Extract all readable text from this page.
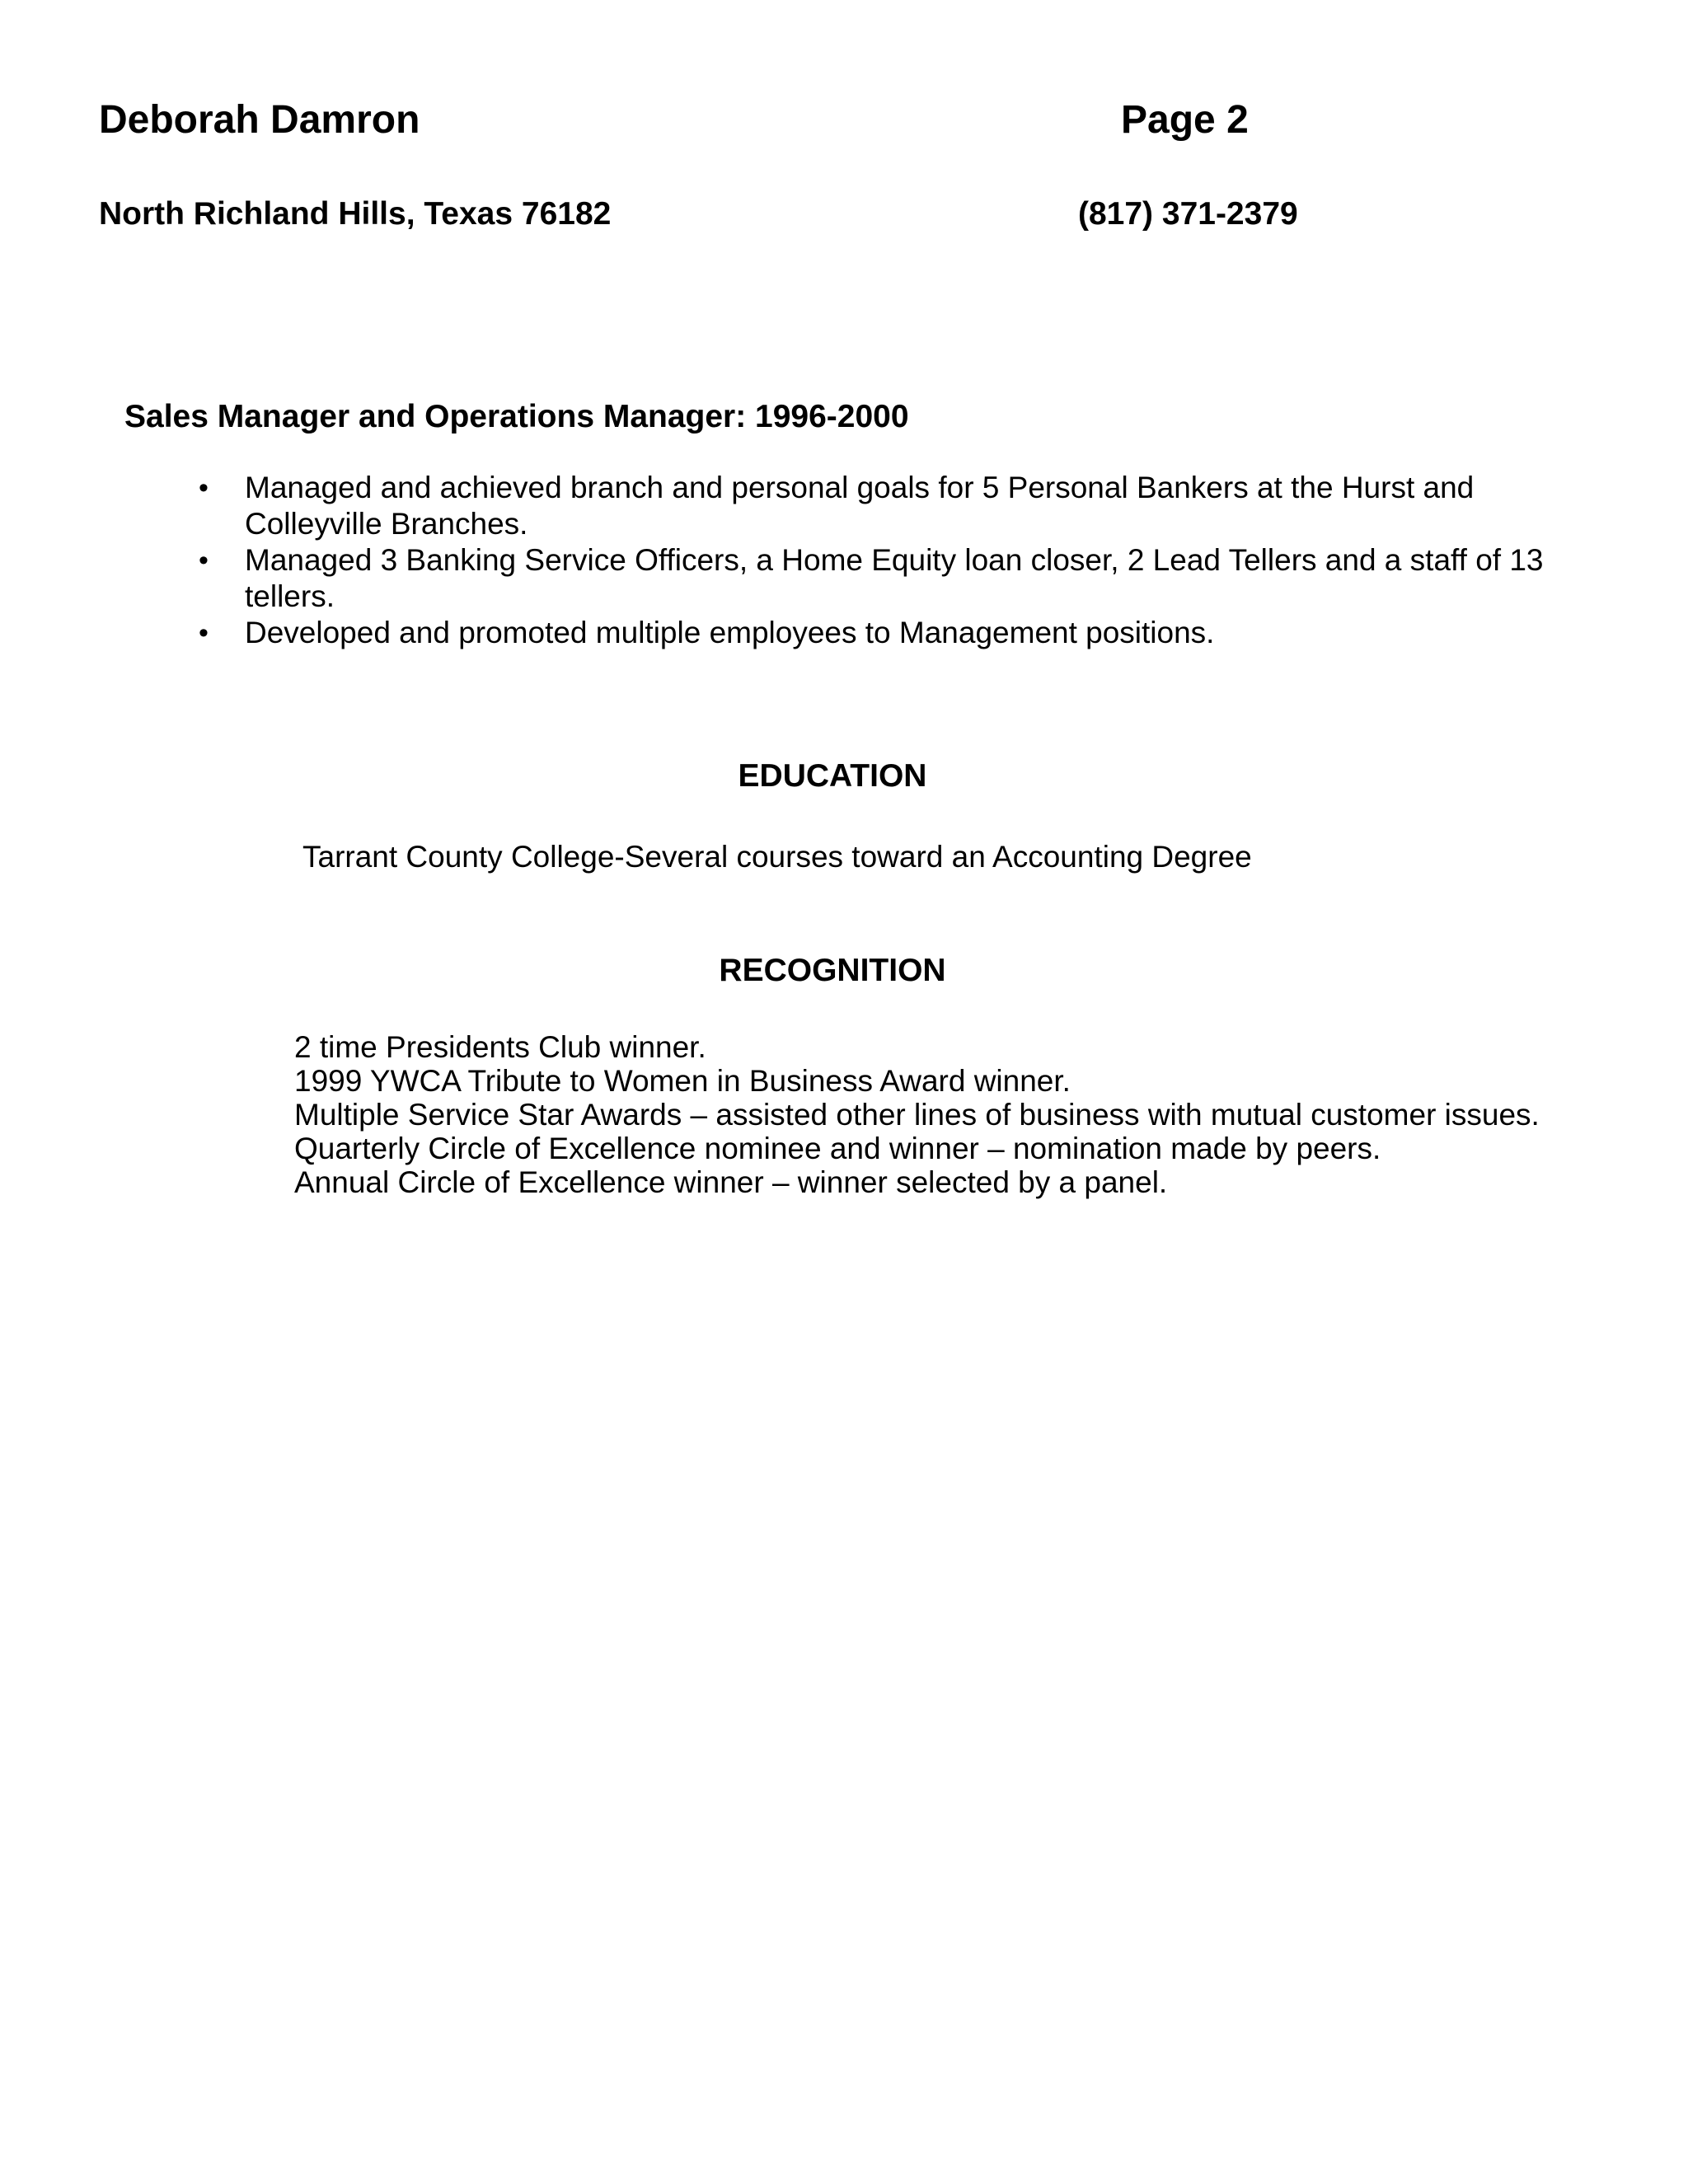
Deborah Damron	Page 2
North Richland Hills, Texas 76182	(817) 371-2379
Sales Manager and Operations Manager: 1996-2000
• Managed and achieved branch and personal goals for 5 Personal Bankers at the Hurst and Colleyville Branches.
• Managed 3 Banking Service Officers, a Home Equity loan closer, 2 Lead Tellers and a staff of 13 tellers.
• Developed and promoted multiple employees to Management positions.
EDUCATION
Tarrant County College-Several courses toward an Accounting Degree
RECOGNITION
2 time Presidents Club winner.
1999 YWCA Tribute to Women in Business Award winner.
Multiple Service Star Awards – assisted other lines of business with mutual customer issues.
Quarterly Circle of Excellence nominee and winner – nomination made by peers.
Annual Circle of Excellence winner – winner selected by a panel.
